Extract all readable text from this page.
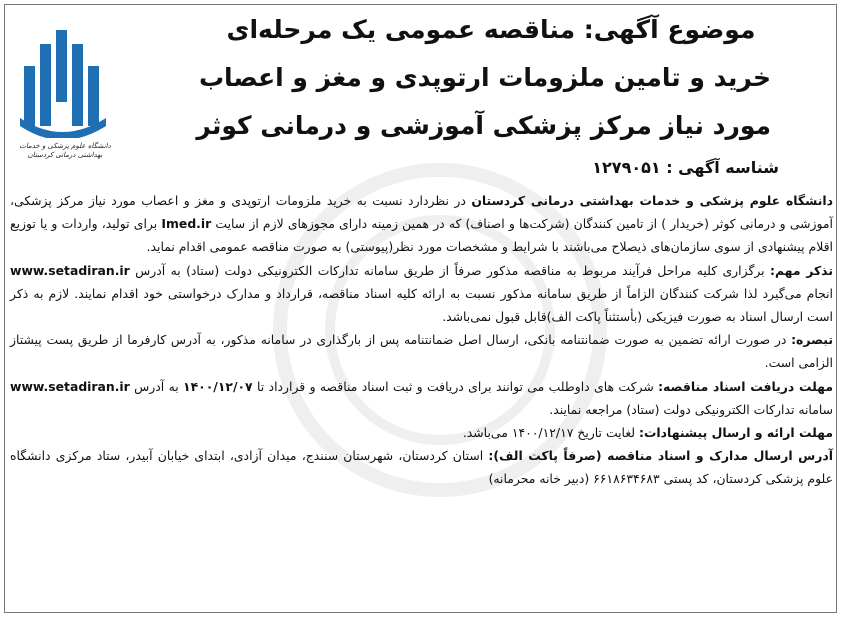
دانشگاه علوم پزشکی و خدمات بهداشتی درمانی کردستان
موضوع آگهی: مناقصه عمومی یک مرحله‌ای
خرید و تامین ملزومات ارتوپدی و مغز و اعصاب
مورد نیاز مرکز پزشکی آموزشی و درمانی کوثر
شناسه آگهی : ۱۲۷۹۰۵۱

دانشگاه علوم پزشکی و خدمات بهداشتی درمانی کردستان در نظردارد نسبت به خرید ملزومات ارتوپدی و مغز و اعصاب مورد نیاز مرکز پزشکی، آموزشی و درمانی کوثر (خریدار ) از تامین کنندگان (شرکت‌ها و اصناف) که در همین زمینه دارای مجوزهای لازم از سایت Imed.ir برای تولید، واردات و یا توزیع اقلام پیشنهادی از سوی سازمان‌های ذیصلاح می‌باشند با شرایط و مشخصات مورد نظر(پیوستی) به صورت مناقصه عمومی اقدام نماید.

تذکر مهم: برگزاری کلیه مراحل فرآیند مربوط به مناقصه مذکور صرفاً از طریق سامانه تدارکات الکترونیکی دولت (ستاد) به آدرس www.setadiran.ir انجام می‌گیرد لذا شرکت کنندگان الزاماً از طریق سامانه مذکور نسبت به ارائه کلیه اسناد مناقصه، قرارداد و مدارک درخواستی خود اقدام نمایند. لازم به ذکر است ارسال اسناد به صورت فیزیکی (بأستثناً پاکت الف)قابل قبول نمی‌باشد.

تبصره: در صورت ارائه تضمین به صورت ضمانتنامه بانکی، ارسال اصل ضمانتنامه پس از بارگذاری در سامانه مذکور، به آدرس کارفرما از طریق پست پیشتاز الزامی است.

مهلت دریافت اسناد مناقصه: شرکت های داوطلب می توانند برای دریافت و ثبت اسناد مناقصه و قرارداد تا ۱۴۰۰/۱۲/۰۷ به آدرس www.setadiran.ir سامانه تدارکات الکترونیکی دولت (ستاد) مراجعه نمایند.

مهلت ارائه و ارسال پیشنهادات: لغایت تاریخ ۱۴۰۰/۱۲/۱۷ می‌باشد.

آدرس ارسال مدارک و اسناد مناقصه (صرفاً پاکت الف): استان کردستان، شهرستان سنندج، میدان آزادی، ابتدای خیابان آبیدر، ستاد مرکزی دانشگاه علوم پزشکی کردستان، کد پستی ۶۶۱۸۶۳۴۶۸۳ (دبیر خانه محرمانه)
